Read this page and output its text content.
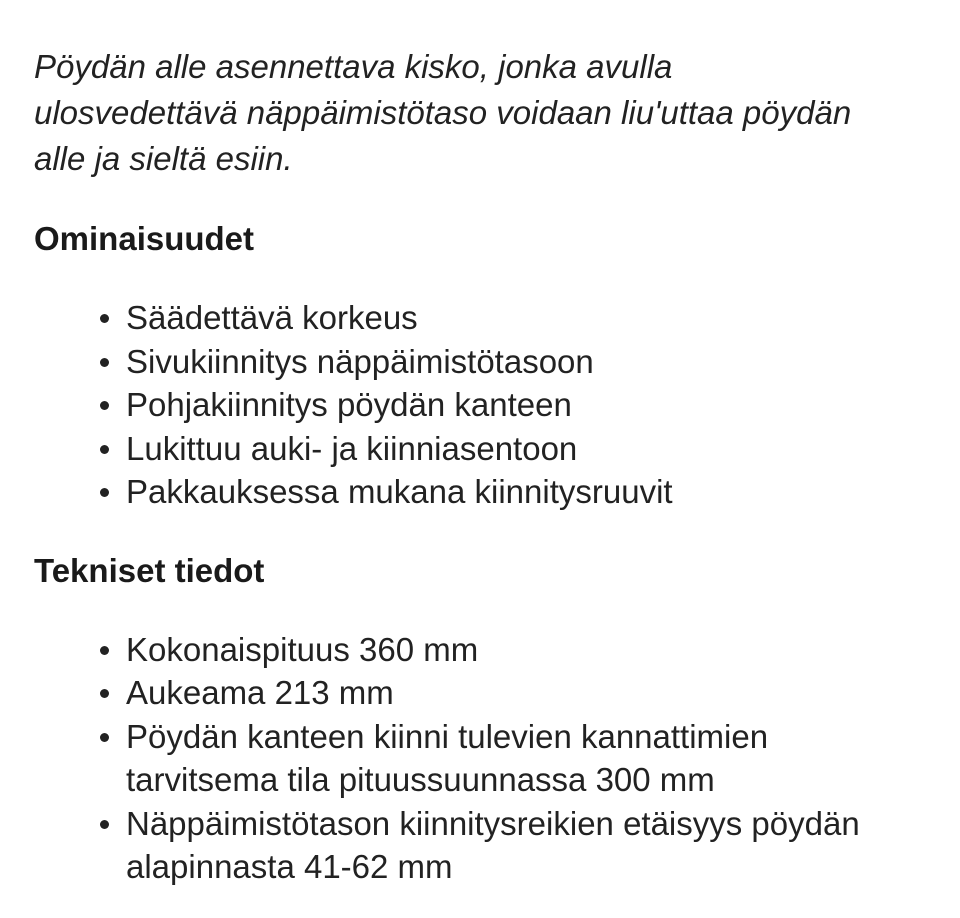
Pöydän alle asennettava kisko, jonka avulla ulosvedettävä näppäimistötaso voidaan liu'uttaa pöydän alle ja sieltä esiin.

Ominaisuudet
Säädettävä korkeus
Sivukiinnitys näppäimistötasoon
Pohjakiinnitys pöydän kanteen
Lukittuu auki- ja kiinniasentoon
Pakkauksessa mukana kiinnitysruuvit
Tekniset tiedot
Kokonaispituus 360 mm
Aukeama 213 mm
Pöydän kanteen kiinni tulevien kannattimien tarvitsema tila pituussuunnassa 300 mm
Näppäimistötason kiinnitysreikien etäisyys pöydän alapinnasta 41-62 mm
